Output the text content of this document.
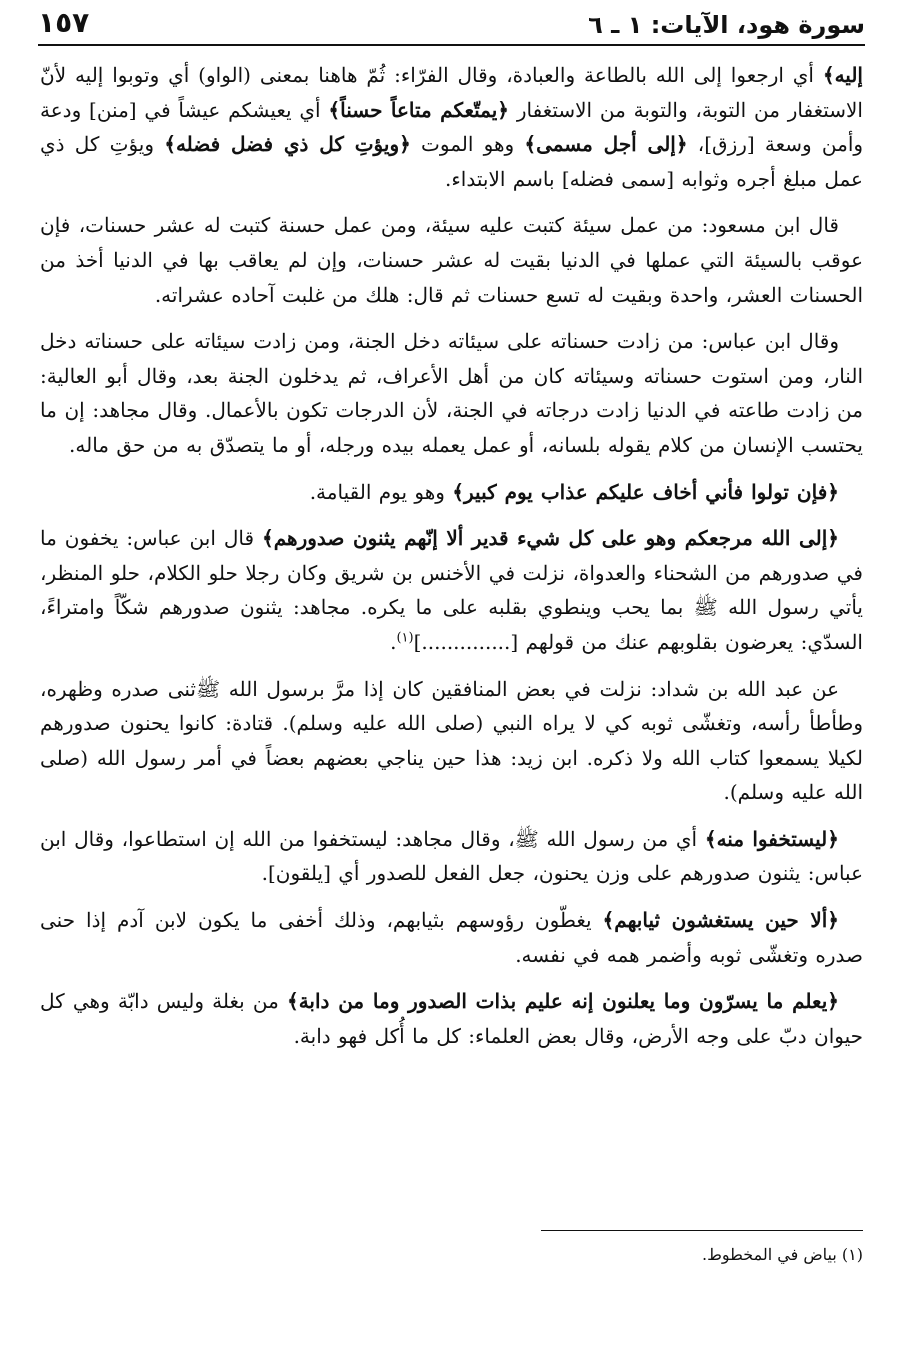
سورة هود، الآيات: ١ ـ ٦
١٥٧

إليه﴾ أي ارجعوا إلى الله بالطاعة والعبادة، وقال الفرّاء: ثُمّ هاهنا بمعنى (الواو) أي وتوبوا إليه لأنّ الاستغفار من التوبة، والتوبة من الاستغفار ﴿يمتّعكم متاعاً حسناً﴾ أي يعيشكم عيشاً في [منن] ودعة وأمن وسعة [رزق]، ﴿إلى أجل مسمى﴾ وهو الموت ﴿ويؤتِ كل ذي فضل فضله﴾ ويؤتِ كل ذي عمل مبلغ أجره وثوابه [سمى فضله] باسم الابتداء.

قال ابن مسعود: من عمل سيئة كتبت عليه سيئة، ومن عمل حسنة كتبت له عشر حسنات، فإن عوقب بالسيئة التي عملها في الدنيا بقيت له عشر حسنات، وإن لم يعاقب بها في الدنيا أخذ من الحسنات العشر، واحدة وبقيت له تسع حسنات ثم قال: هلك من غلبت آحاده عشراته.

وقال ابن عباس: من زادت حسناته على سيئاته دخل الجنة، ومن زادت سيئاته على حسناته دخل النار، ومن استوت حسناته وسيئاته كان من أهل الأعراف، ثم يدخلون الجنة بعد، وقال أبو العالية: من زادت طاعته في الدنيا زادت درجاته في الجنة، لأن الدرجات تكون بالأعمال. وقال مجاهد: إن ما يحتسب الإنسان من كلام يقوله بلسانه، أو عمل يعمله بيده ورجله، أو ما يتصدّق به من حق ماله.

﴿فإن تولوا فأني أخاف عليكم عذاب يوم كبير﴾ وهو يوم القيامة.

﴿إلى الله مرجعكم وهو على كل شيء قدير ألا إنّهم يثنون صدورهم﴾ قال ابن عباس: يخفون ما في صدورهم من الشحناء والعدواة، نزلت في الأخنس بن شريق وكان رجلا حلو الكلام، حلو المنظر، يأتي رسول الله ﷺ بما يحب وينطوي بقلبه على ما يكره. مجاهد: يثنون صدورهم شكّاً وامتراءً، السدّي: يعرضون بقلوبهم عنك من قولهم [..............]$^{(١)}$.

عن عبد الله بن شداد: نزلت في بعض المنافقين كان إذا مرَّ برسول الله ﷺثنى صدره وظهره، وطأطأ رأسه، وتغشّى ثوبه كي لا يراه النبي (صلى الله عليه وسلم). قتادة: كانوا يحنون صدورهم لكيلا يسمعوا كتاب الله ولا ذكره. ابن زيد: هذا حين يناجي بعضهم بعضاً في أمر رسول الله (صلى الله عليه وسلم).

﴿ليستخفوا منه﴾ أي من رسول الله ﷺ، وقال مجاهد: ليستخفوا من الله إن استطاعوا، وقال ابن عباس: يثنون صدورهم على وزن يحنون، جعل الفعل للصدور أي [يلقون].

﴿ألا حين يستغشون ثيابهم﴾ يغطّون رؤوسهم بثيابهم، وذلك أخفى ما يكون لابن آدم إذا حنى صدره وتغشّى ثوبه وأضمر همه في نفسه.

﴿يعلم ما يسرّون وما يعلنون إنه عليم بذات الصدور وما من دابة﴾ من بغلة وليس دابّة وهي كل حيوان دبّ على وجه الأرض، وقال بعض العلماء: كل ما أُكل فهو دابة.

(١) بياض في المخطوط.
